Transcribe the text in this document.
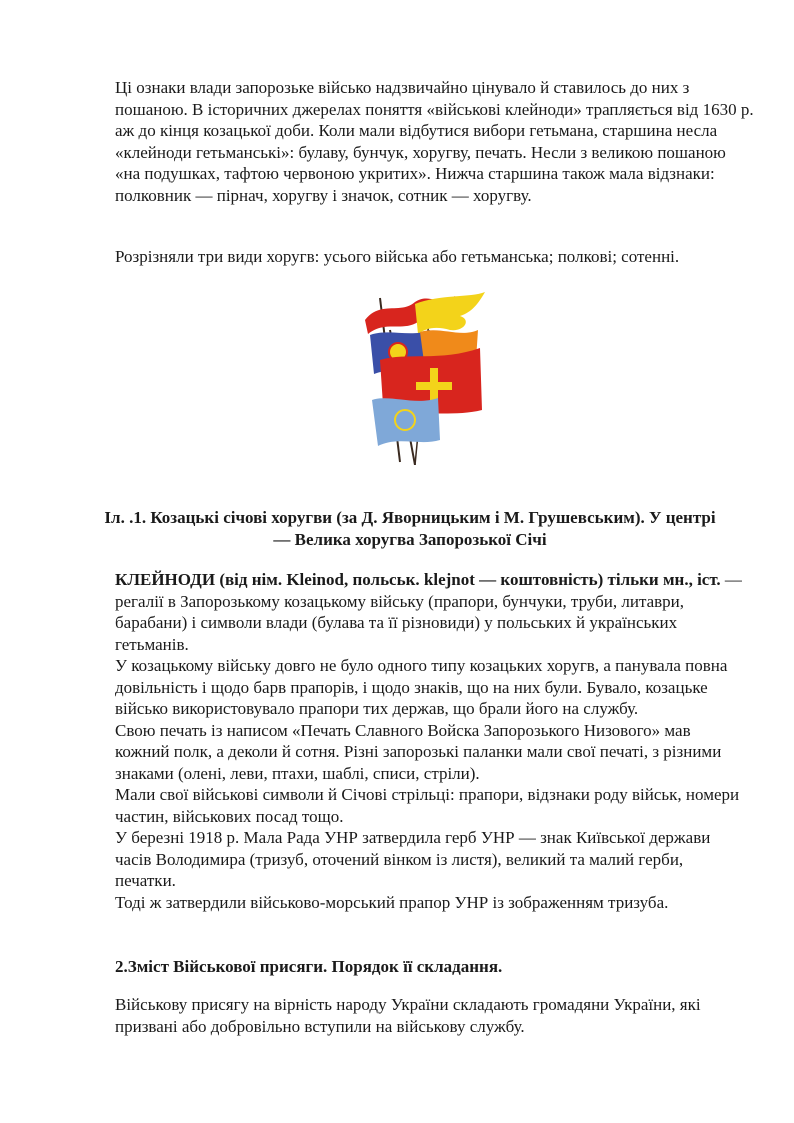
Ці ознаки влади запорозьке військо надзвичайно цінувало й ставилось до них з пошаною. В історичних джерелах поняття «військові клейноди» трапляється від 1630 р. аж до кінця козацької доби. Коли мали відбутися вибори гетьмана, старшина несла «клейноди гетьманські»: булаву, бунчук, хоругву, печать. Несли з великою пошаною «на подушках, тафтою червоною укритих». Нижча старшина також мала відзнаки: полковник — пірнач, хоругву і значок, сотник — хоругву.
Розрізняли три види хоругв: усього війська або гетьманська; полкові; сотенні.
Іл. .1. Козацькі січові хоругви (за Д. Яворницьким і М. Грушевським). У центрі — Велика хоругва Запорозької Січі

КЛЕЙНОДИ (від нім. Kleinod, польськ. klejnot — коштовність) тільки мн., іст. — регалії в Запорозькому козацькому війську (прапори, бунчуки, труби, литаври, барабани) і символи влади (булава та її різновиди) у польських й українських гетьманів.

У козацькому війську довго не було одного типу козацьких хоругв, а панувала повна довільність і щодо барв прапорів, і щодо знаків, що на них були. Бувало, козацьке військо використовувало прапори тих держав, що брали його на службу.

Свою печать із написом «Печать Славного Войска Запорозького Низового» мав кожний полк, а деколи й сотня. Різні запорозькі паланки мали свої печаті, з різними знаками (олені, леви, птахи, шаблі, списи, стріли).

Мали свої військові символи й Січові стрільці: прапори, відзнаки роду військ, номери частин, військових посад тощо.

У березні 1918 р. Мала Рада УНР затвердила герб УНР — знак Київської держави часів Володимира (тризуб, оточений вінком із листя), великий та малий герби, печатки.

Тоді ж затвердили військово-морський прапор УНР із зображенням тризуба.

2.Зміст Військової присяги. Порядок її складання.
Військову присягу на вірність народу України складають громадяни України, які призвані або добровільно вступили на військову службу.
